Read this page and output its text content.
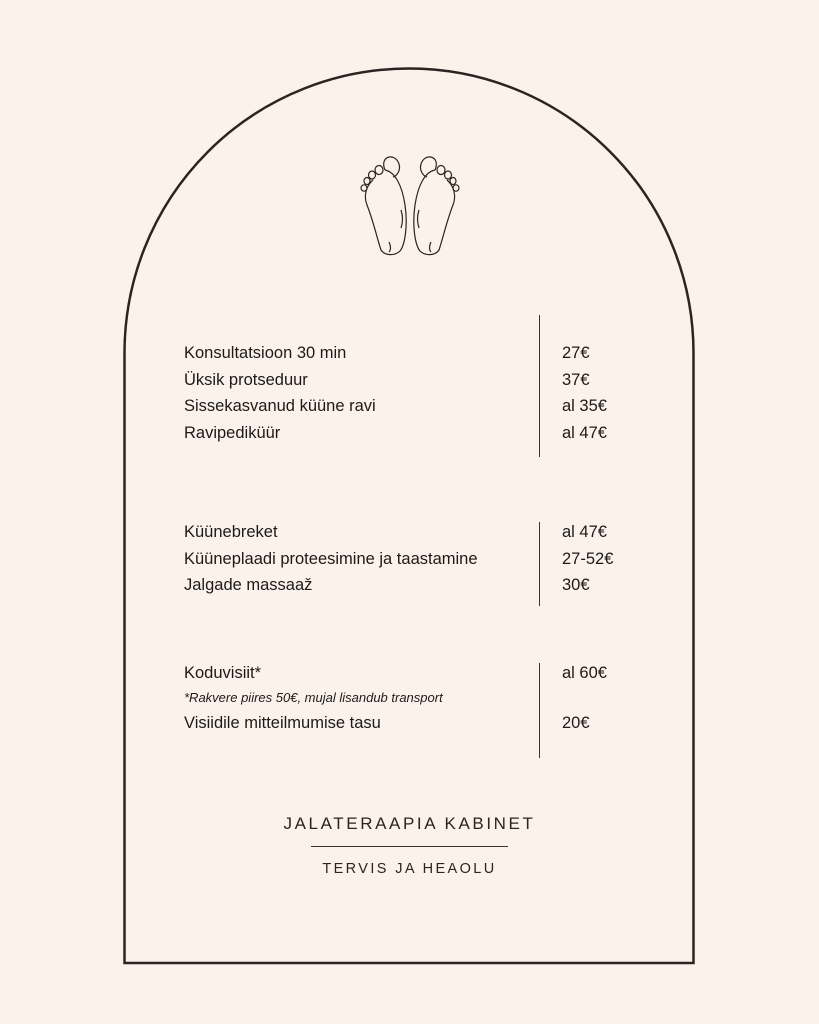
Konsultatsioon 30 min	27€
Üksik protseduur	37€
Sissekasvanud küüne ravi	al 35€
Ravipediküür	al 47€
Küünebreket	al 47€
Küüneplaadi proteesimine ja taastamine	27-52€
Jalgade massaaž	30€
Koduvisiit*	al 60€
*Rakvere piires 50€, mujal lisandub transport
Visiidile mitteilmumise tasu	20€
JALATERAAPIA KABINET
TERVIS JA HEAOLU
